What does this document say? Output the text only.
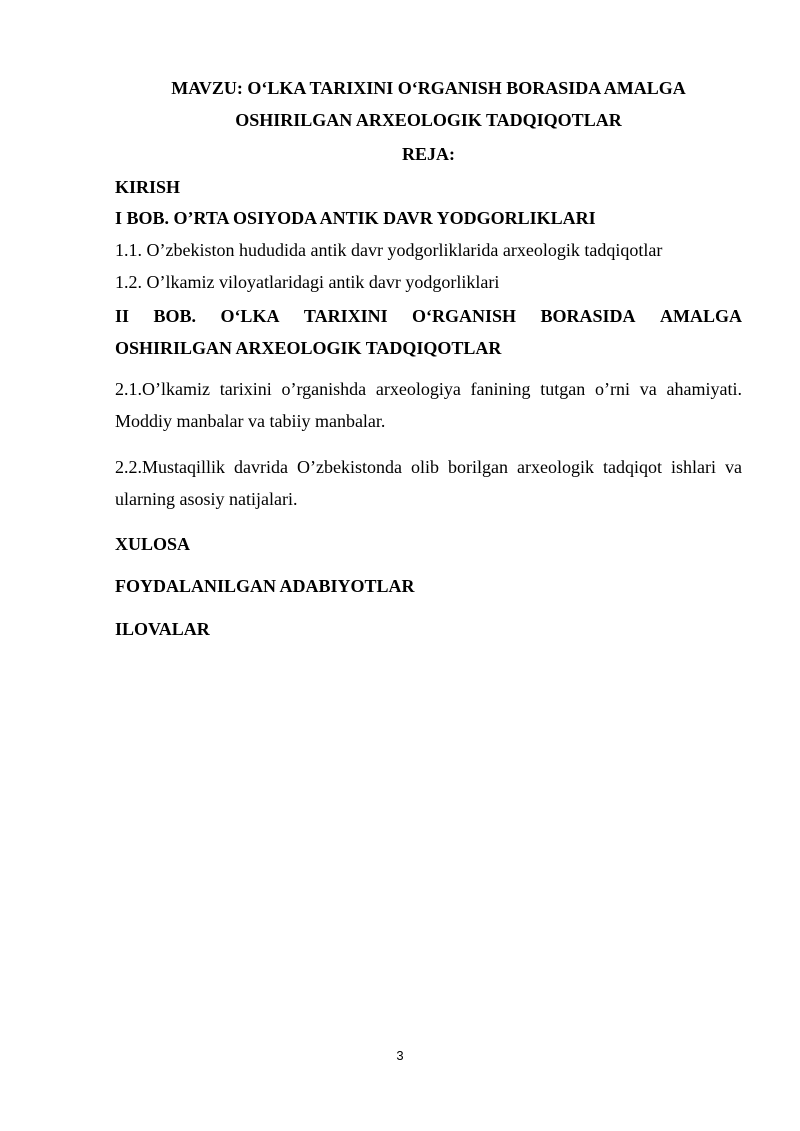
MAVZU: O‘LKA TARIXINI O‘RGANISH BORASIDA AMALGA
OSHIRILGAN ARXEOLOGIK TADQIQOTLAR
REJA:
KIRISH
I BOB. O’RTA OSIYODA ANTIK DAVR YODGORLIKLARI
1.1. O’zbekiston hududida antik davr yodgorliklarida arxeologik tadqiqotlar
1.2. O’lkamiz viloyatlaridagi antik davr yodgorliklari
II BOB. O‘LKA TARIXINI O‘RGANISH BORASIDA AMALGA
OSHIRILGAN ARXEOLOGIK TADQIQOTLAR
2.1.O’lkamiz tarixini o’rganishda arxeologiya fanining tutgan o’rni va ahamiyati.
Moddiy manbalar va tabiiy manbalar.
2.2.Mustaqillik davrida O’zbekistonda olib borilgan arxeologik tadqiqot ishlari va
ularning asosiy natijalari.
XULOSA
FOYDALANILGAN ADABIYOTLAR
ILOVALAR
3
